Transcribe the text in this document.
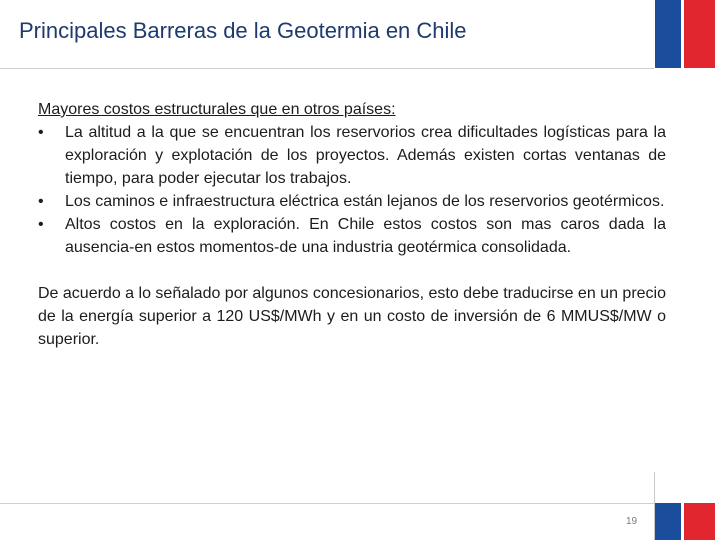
Principales Barreras de la Geotermia en Chile

Mayores costos estructurales que en otros países:

• La altitud a la que se encuentran los reservorios crea dificultades logísticas para la exploración y explotación de los proyectos. Además existen cortas ventanas de tiempo, para poder ejecutar los trabajos.
• Los caminos e infraestructura eléctrica están lejanos de los reservorios geotérmicos.
• Altos costos en la exploración. En Chile estos costos son mas caros dada la ausencia-en estos momentos-de una industria geotérmica consolidada.

De acuerdo a lo señalado por algunos concesionarios, esto debe traducirse en un precio de la energía superior a 120 US$/MWh y en un costo de inversión de 6 MMUS$/MW o superior.

19
